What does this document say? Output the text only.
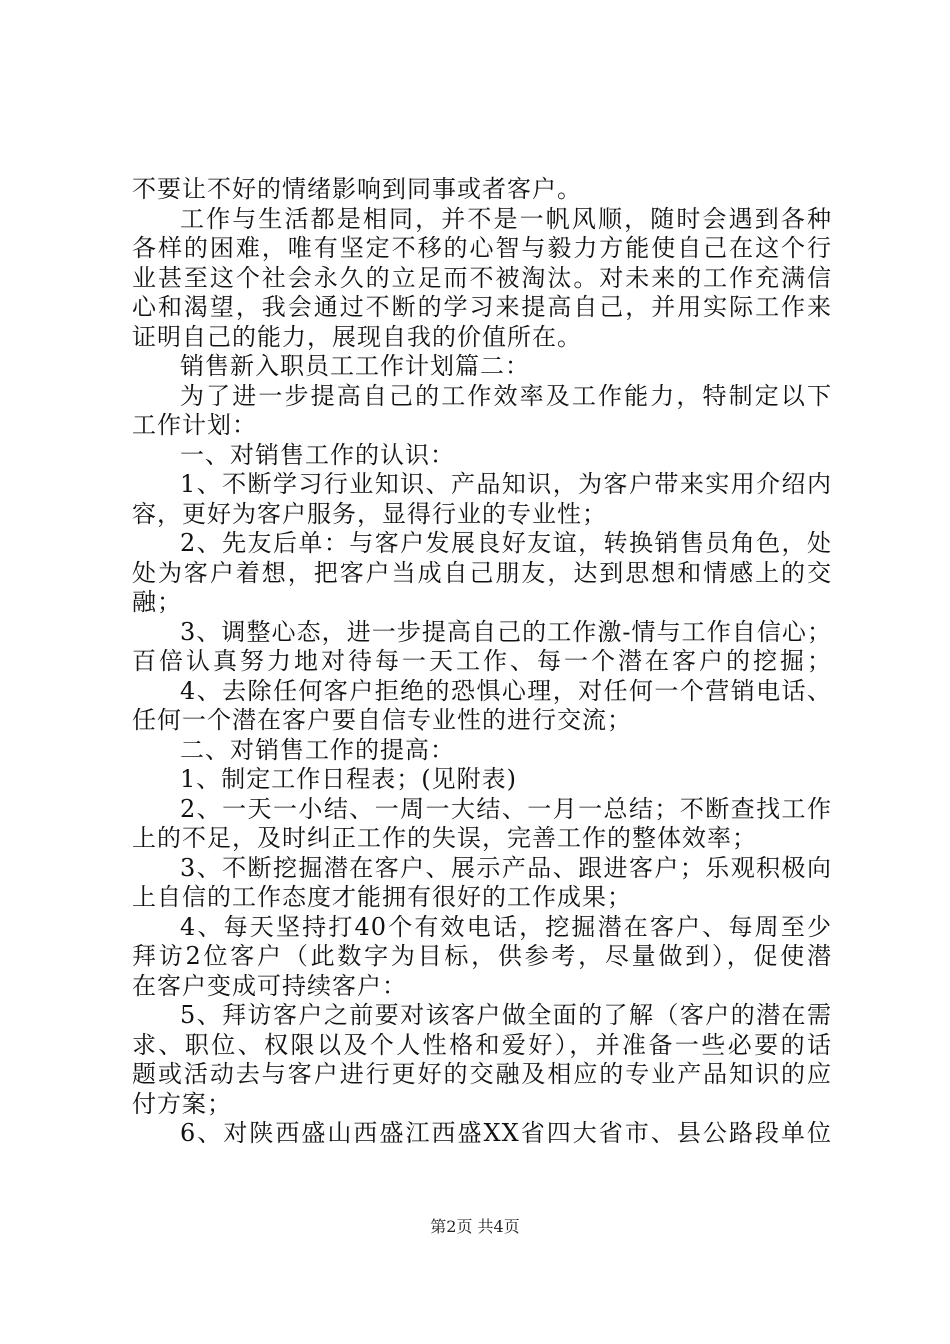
不要让不好的情绪影响到同事或者客户。
工作与生活都是相同，并不是一帆风顺，随时会遇到各种
各样的困难，唯有坚定不移的心智与毅力方能使自己在这个行
业甚至这个社会永久的立足而不被淘汰。对未来的工作充满信
心和渴望，我会通过不断的学习来提高自己，并用实际工作来
证明自己的能力，展现自我的价值所在。
销售新入职员工工作计划篇二：
为了进一步提高自己的工作效率及工作能力，特制定以下
工作计划：
一、对销售工作的认识：
1、不断学习行业知识、产品知识，为客户带来实用介绍内
容，更好为客户服务，显得行业的专业性；
2、先友后单：与客户发展良好友谊，转换销售员角色，处
处为客户着想，把客户当成自己朋友，达到思想和情感上的交
融；
3、调整心态，进一步提高自己的工作激-情与工作自信心；
百倍认真努力地对待每一天工作、每一个潜在客户的挖掘；
4、去除任何客户拒绝的恐惧心理，对任何一个营销电话、
任何一个潜在客户要自信专业性的进行交流；
二、对销售工作的提高：
1、制定工作日程表；(见附表)
2、一天一小结、一周一大结、一月一总结；不断查找工作
上的不足，及时纠正工作的失误，完善工作的整体效率；
3、不断挖掘潜在客户、展示产品、跟进客户；乐观积极向
上自信的工作态度才能拥有很好的工作成果；
4、每天坚持打40个有效电话，挖掘潜在客户、每周至少
拜访2位客户（此数字为目标，供参考，尽量做到），促使潜
在客户变成可持续客户：
5、拜访客户之前要对该客户做全面的了解（客户的潜在需
求、职位、权限以及个人性格和爱好），并准备一些必要的话
题或活动去与客户进行更好的交融及相应的专业产品知识的应
付方案；
6、对陕西盛山西盛江西盛XX省四大省市、县公路段单位
第2页 共4页
